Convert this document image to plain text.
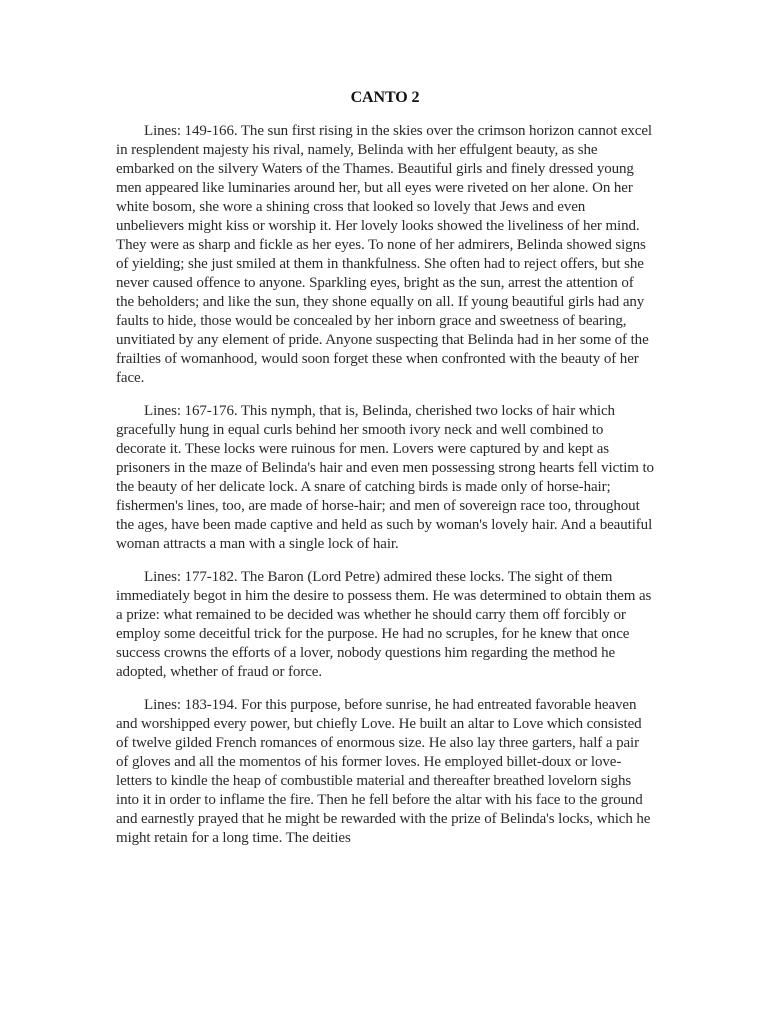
CANTO 2

Lines: 149-166. The sun first rising in the skies over the crimson horizon cannot excel in resplendent majesty his rival, namely, Belinda with her effulgent beauty, as she embarked on the silvery Waters of the Thames. Beautiful girls and finely dressed young men appeared like luminaries around her, but all eyes were riveted on her alone. On her white bosom, she wore a shining cross that looked so lovely that Jews and even unbelievers might kiss or worship it. Her lovely looks showed the liveliness of her mind. They were as sharp and fickle as her eyes. To none of her admirers, Belinda showed signs of yielding; she just smiled at them in thankfulness. She often had to reject offers, but she never caused offence to anyone. Sparkling eyes, bright as the sun, arrest the attention of the beholders; and like the sun, they shone equally on all. If young beautiful girls had any faults to hide, those would be concealed by her inborn grace and sweetness of bearing, unvitiated by any element of pride. Anyone suspecting that Belinda had in her some of the frailties of womanhood, would soon forget these when confronted with the beauty of her face.

Lines: 167-176. This nymph, that is, Belinda, cherished two locks of hair which gracefully hung in equal curls behind her smooth ivory neck and well combined to decorate it. These locks were ruinous for men. Lovers were captured by and kept as prisoners in the maze of Belinda's hair and even men possessing strong hearts fell victim to the beauty of her delicate lock. A snare of catching birds is made only of horse-hair; fishermen's lines, too, are made of horse-hair; and men of sovereign race too, throughout the ages, have been made captive and held as such by woman's lovely hair. And a beautiful woman attracts a man with a single lock of hair.

Lines: 177-182. The Baron (Lord Petre) admired these locks. The sight of them immediately begot in him the desire to possess them. He was determined to obtain them as a prize: what remained to be decided was whether he should carry them off forcibly or employ some deceitful trick for the purpose. He had no scruples, for he knew that once success crowns the efforts of a lover, nobody questions him regarding the method he adopted, whether of fraud or force.

Lines: 183-194. For this purpose, before sunrise, he had entreated favorable heaven and worshipped every power, but chiefly Love. He built an altar to Love which consisted of twelve gilded French romances of enormous size. He also lay three garters, half a pair of gloves and all the momentos of his former loves. He employed billet-doux or love-letters to kindle the heap of combustible material and thereafter breathed lovelorn sighs into it in order to inflame the fire. Then he fell before the altar with his face to the ground and earnestly prayed that he might be rewarded with the prize of Belinda's locks, which he might retain for a long time. The deities
